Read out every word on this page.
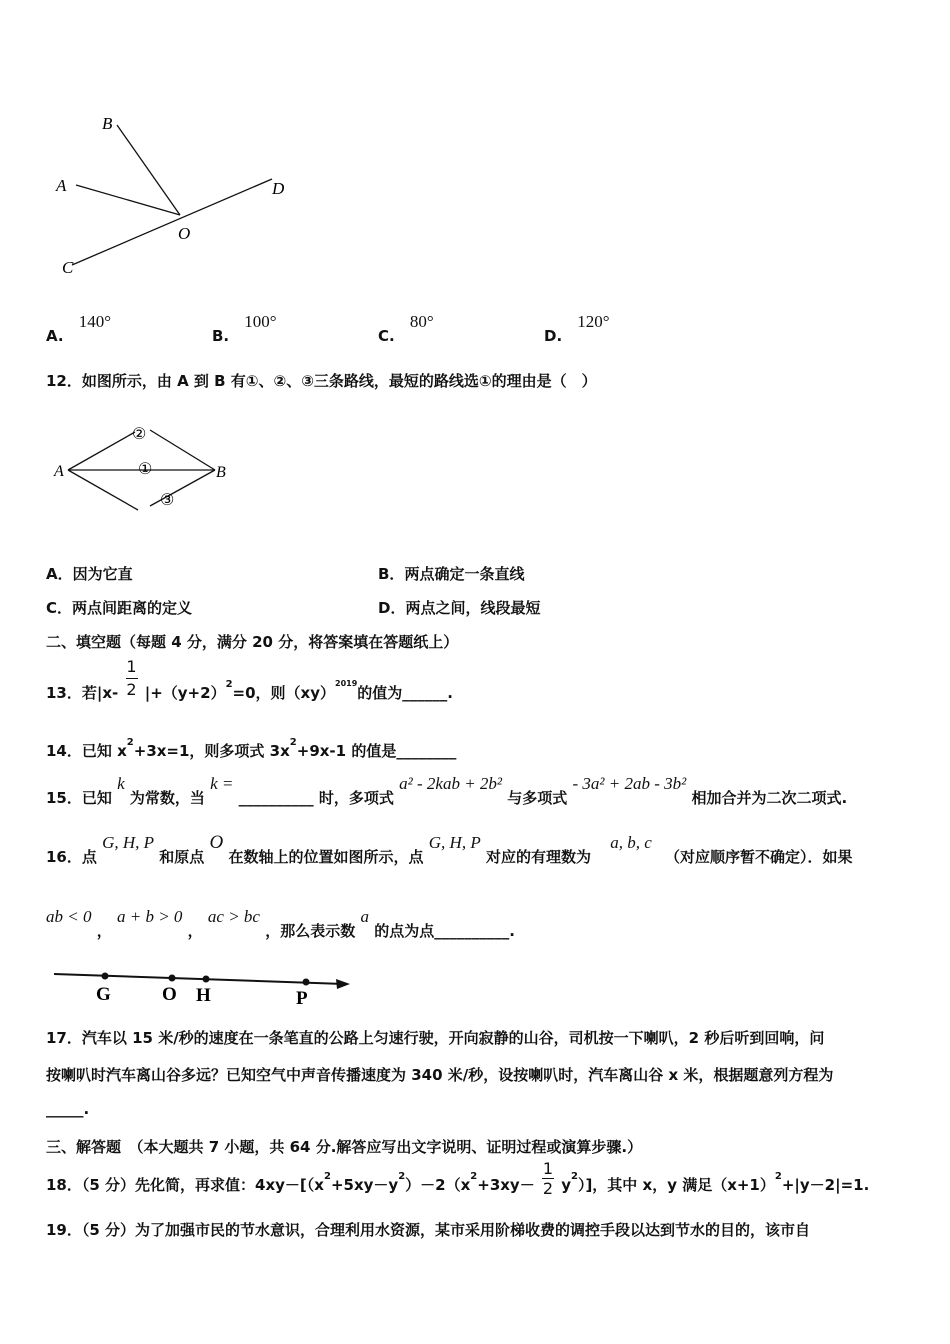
B
A	D
O
C
A. 140°
B. 100°
C. 80°
D. 120°
12．如图所示，由 A 到 B 有①、②、③三条路线，最短的路线选①的理由是（　）
A	B
②
①
③
A．因为它直	B．两点确定一条直线
C．两点间距离的定义	D．两点之间，线段最短
二、填空题（每题 4 分，满分 20 分，将答案填在答题纸上）
13．若$|x- \frac{1}{2} |+(y+2)^2=0$，则（xy）$^{2019}$的值为______.
14．已知 $x^2+3x=1$，则多项式 $3x^2+9x-1$ 的值是________
15．已知 k 为常数，当 k = __________ 时，多项式 a² - 2kab + 2b² 与多项式 - 3a² + 2ab - 3b² 相加合并为二次二项式.
16．点 G, H, P 和原点 O 在数轴上的位置如图所示，点 G, H, P 对应的有理数为 a, b, c （对应顺序暂不确定）．如果
ab < 0 ， a + b > 0 ， ac > bc ，那么表示数 a 的点为点__________.
G	O H	P
17．汽车以 15 米/秒的速度在一条笔直的公路上匀速行驶，开向寂静的山谷，司机按一下喇叭，2 秒后听到回响，问
按喇叭时汽车离山谷多远？已知空气中声音传播速度为 340 米/秒，设按喇叭时，汽车离山谷 x 米，根据题意列方程为
_____.
三、解答题　（本大题共 7 小题，共 64 分.解答应写出文字说明、证明过程或演算步骤.）
18．（5 分）先化简，再求值：$4xy-[(x^2+5xy-y^2)-2(x^2+3xy- \frac{1}{2} y^2)]$，其中 x，y 满足$(x+1)^2+|y-2|=1$.
19．（5 分）为了加强市民的节水意识，合理利用水资源，某市采用阶梯收费的调控手段以达到节水的目的，该市自
